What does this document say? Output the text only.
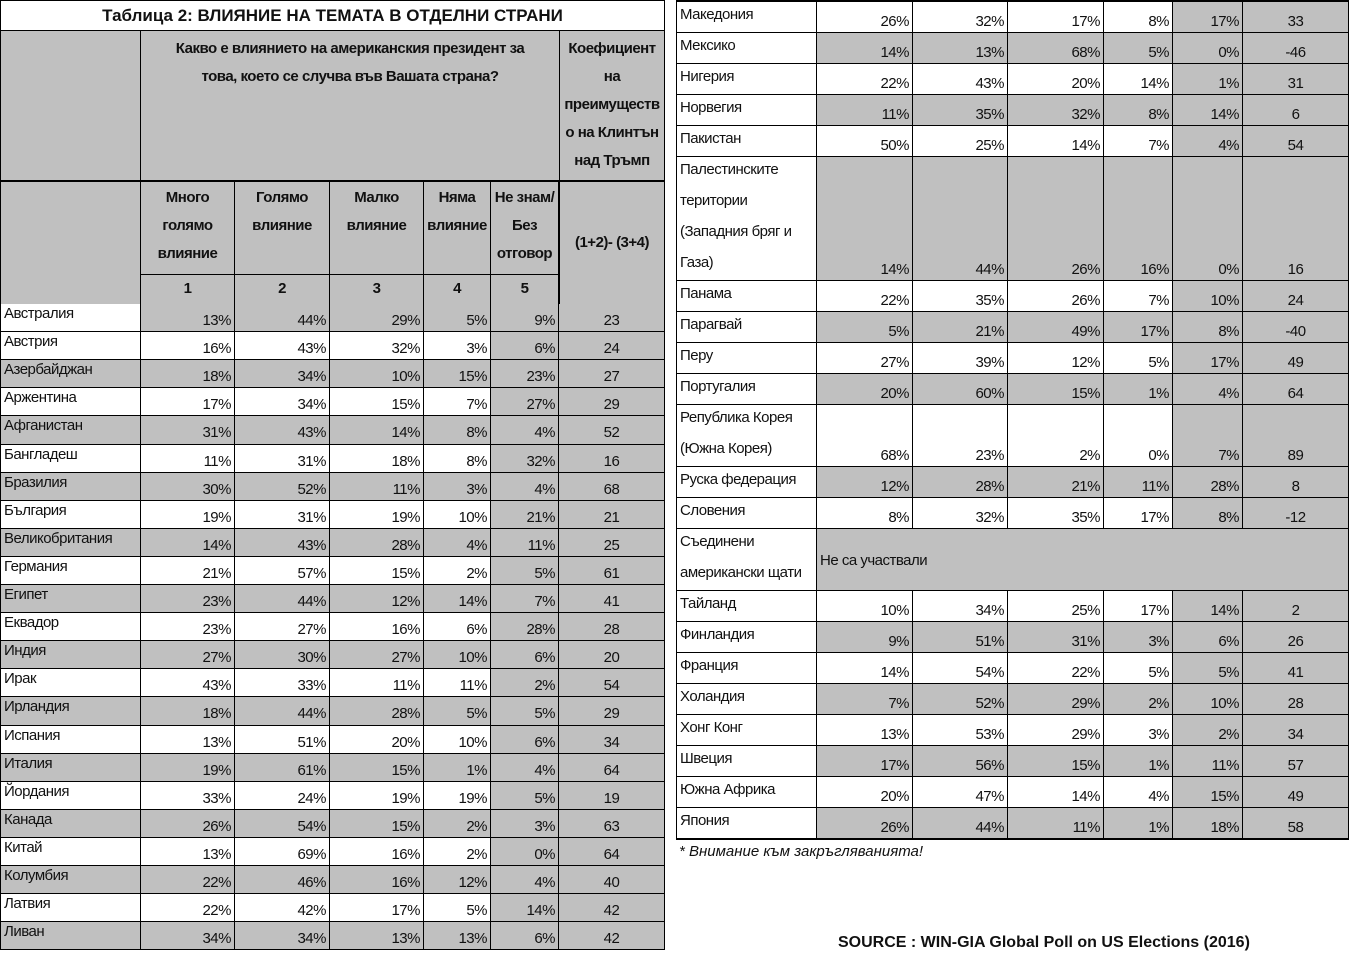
Таблица 2: ВЛИЯНИЕ НА ТЕМАТА В ОТДЕЛНИ СТРАНИ
Какво е влиянието на американския президент за това, което се случва във Вашата страна?
Коефициент на преимуществ о на Клинтън над Тръмп
Много голямо влияние
1
Голямо влияние
2
Малко влияние
3
Няма влияние
4
Не знам/ Без отговор
5
(1+2)- (3+4)
Австралия	13%	44%	29%	5%	9%	23
Австрия	16%	43%	32%	3%	6%	24
Азербайджан	18%	34%	10%	15%	23%	27
Аржентина	17%	34%	15%	7%	27%	29
Афганистан	31%	43%	14%	8%	4%	52
Бангладеш	11%	31%	18%	8%	32%	16
Бразилия	30%	52%	11%	3%	4%	68
България	19%	31%	19%	10%	21%	21
Великобритания	14%	43%	28%	4%	11%	25
Германия	21%	57%	15%	2%	5%	61
Египет	23%	44%	12%	14%	7%	41
Еквадор	23%	27%	16%	6%	28%	28
Индия	27%	30%	27%	10%	6%	20
Ирак	43%	33%	11%	11%	2%	54
Ирландия	18%	44%	28%	5%	5%	29
Испания	13%	51%	20%	10%	6%	34
Италия	19%	61%	15%	1%	4%	64
Йордания	33%	24%	19%	19%	5%	19
Канада	26%	54%	15%	2%	3%	63
Китай	13%	69%	16%	2%	0%	64
Колумбия	22%	46%	16%	12%	4%	40
Латвия	22%	42%	17%	5%	14%	42
Ливан	34%	34%	13%	13%	6%	42
Македония	26%	32%	17%	8%	17%	33
Мексико	14%	13%	68%	5%	0%	-46
Нигерия	22%	43%	20%	14%	1%	31
Норвегия	11%	35%	32%	8%	14%	6
Пакистан	50%	25%	14%	7%	4%	54
Палестинските територии (Западния бряг и Газа)	14%	44%	26%	16%	0%	16
Панама	22%	35%	26%	7%	10%	24
Парагвай	5%	21%	49%	17%	8%	-40
Перу	27%	39%	12%	5%	17%	49
Португалия	20%	60%	15%	1%	4%	64
Република Корея (Южна Корея)	68%	23%	2%	0%	7%	89
Руска федерация	12%	28%	21%	11%	28%	8
Словения	8%	32%	35%	17%	8%	-12
Съединени американски щати
Не са участвали
Тайланд	10%	34%	25%	17%	14%	2
Финландия	9%	51%	31%	3%	6%	26
Франция	14%	54%	22%	5%	5%	41
Холандия	7%	52%	29%	2%	10%	28
Хонг Конг	13%	53%	29%	3%	2%	34
Швеция	17%	56%	15%	1%	11%	57
Южна Африка	20%	47%	14%	4%	15%	49
Япония	26%	44%	11%	1%	18%	58
* Внимание към закръгляванията!
SOURCE : WIN-GIA Global Poll on US Elections (2016)
